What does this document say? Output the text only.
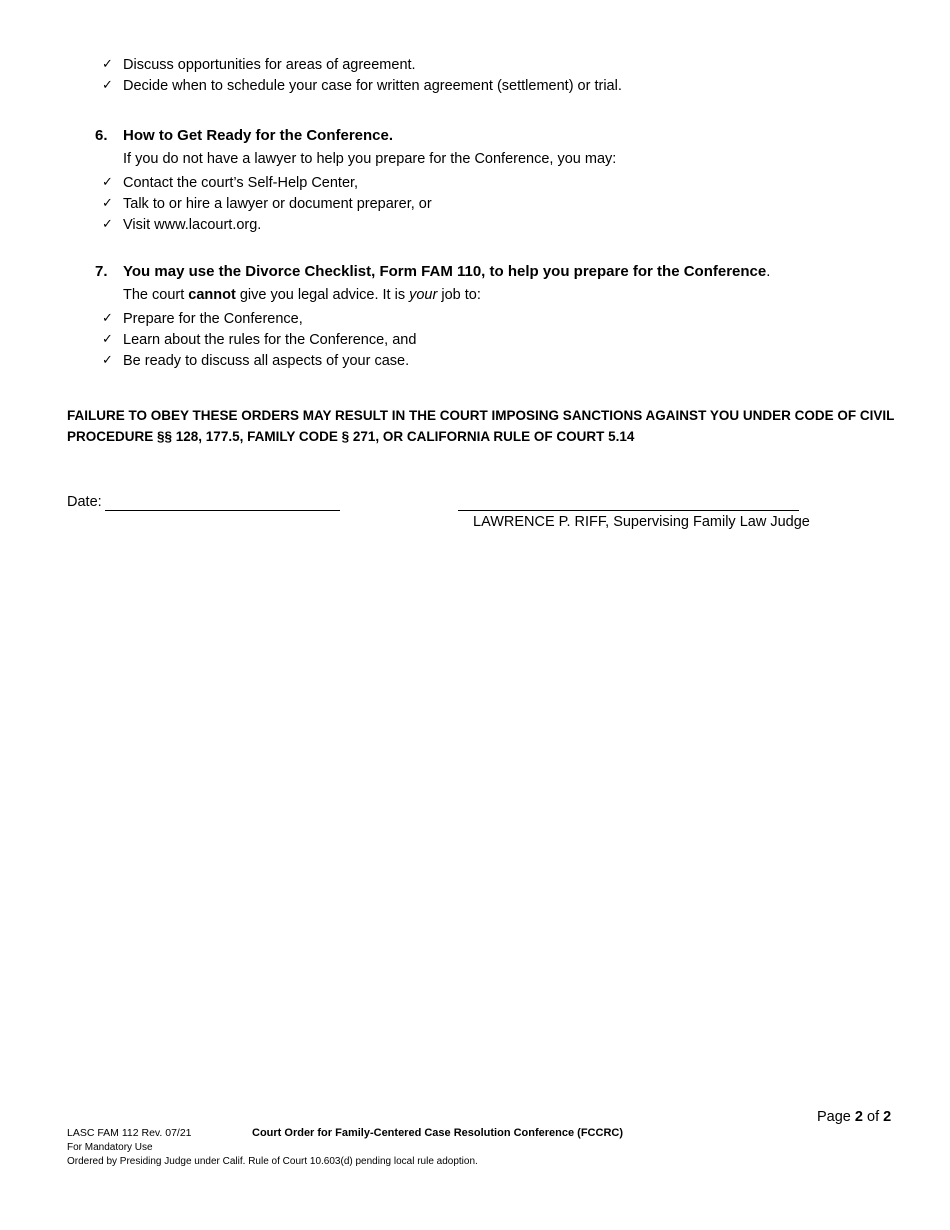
✓ Discuss opportunities for areas of agreement.
✓ Decide when to schedule your case for written agreement (settlement) or trial.
6. How to Get Ready for the Conference.
If you do not have a lawyer to help you prepare for the Conference, you may:
✓ Contact the court’s Self-Help Center,
✓ Talk to or hire a lawyer or document preparer, or
✓ Visit www.lacourt.org.
7. You may use the Divorce Checklist, Form FAM 110, to help you prepare for the Conference.
The court cannot give you legal advice. It is your job to:
✓ Prepare for the Conference,
✓ Learn about the rules for the Conference, and
✓ Be ready to discuss all aspects of your case.
FAILURE TO OBEY THESE ORDERS MAY RESULT IN THE COURT IMPOSING SANCTIONS AGAINST YOU UNDER CODE OF CIVIL
PROCEDURE §§ 128, 177.5, FAMILY CODE § 271, OR CALIFORNIA RULE OF COURT 5.14
Date:
LAWRENCE P. RIFF, Supervising Family Law Judge
Page 2 of 2
LASC FAM 112 Rev. 07/21	Court Order for Family-Centered Case Resolution Conference (FCCRC)
For Mandatory Use
Ordered by Presiding Judge under Calif. Rule of Court 10.603(d) pending local rule adoption.
